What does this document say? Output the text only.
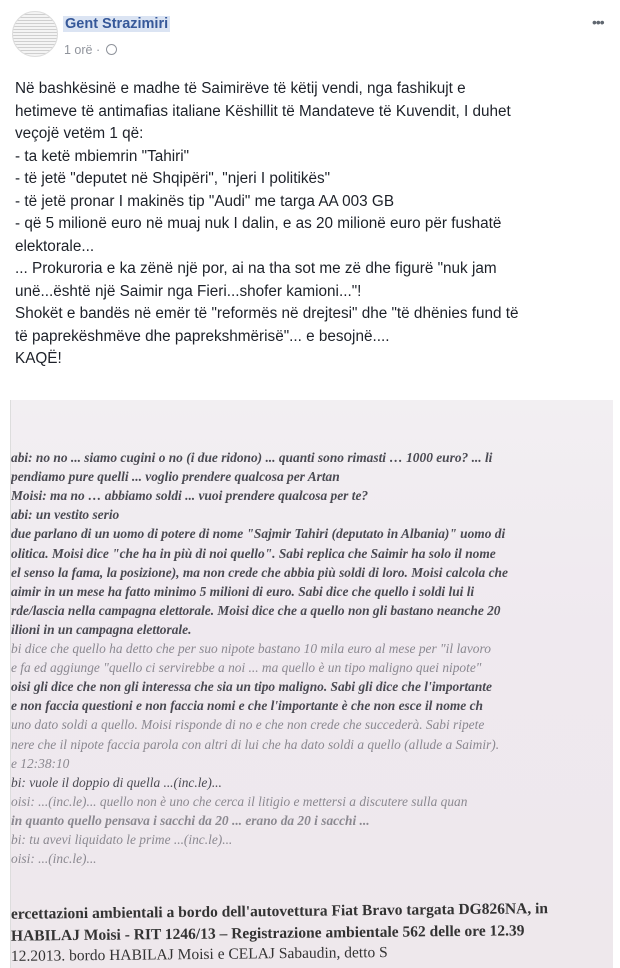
Gent Strazimiri
1 orë ·
•••
Në bashkësinë e madhe të Saimirëve të këtij vendi, nga fashikujt e
hetimeve të antimafias italiane Këshillit të Mandateve të Kuvendit, I duhet
veçojë vetëm 1 që:
- ta ketë mbiemrin "Tahiri"
- të jetë "deputet në Shqipëri", "njeri I politikës"
- të jetë pronar I makinës tip "Audi" me targa AA 003 GB
- që 5 milionë euro në muaj nuk I dalin, e as 20 milionë euro për fushatë
elektorale...
... Prokuroria e ka zënë një por, ai na tha sot me zë dhe figurë "nuk jam
unë...është një Saimir nga Fieri...shofer kamioni..."!
Shokët e bandës në emër të "reformës në drejtesi" dhe "të dhënies fund të
të paprekëshmëve dhe paprekshmërisë"... e besojnë....
KAQË!
abi: no no ... siamo cugini o no (i due ridono) ... quanti sono rimasti … 1000 euro? ... li
pendiamo pure quelli ... voglio prendere qualcosa per Artan
Moisi: ma no … abbiamo soldi ... vuoi prendere qualcosa per te?
abi: un vestito serio
due parlano di un uomo di potere di nome "Sajmir Tahiri (deputato in Albania)" uomo di
olitica. Moisi dice "che ha in più di noi quello". Sabi replica che Saimir ha solo il nome
el senso la fama, la posizione), ma non crede che abbia più soldi di loro. Moisi calcola che
aimir in un mese ha fatto minimo 5 milioni di euro. Sabi dice che quello i soldi lui li
rde/lascia nella campagna elettorale. Moisi dice che a quello non gli bastano neanche 20
ilioni in un campagna elettorale.
bi dice che quello ha detto che per suo nipote bastano 10 mila euro al mese per "il lavoro
e fa ed aggiunge "quello ci servirebbe a noi ... ma quello è un tipo maligno quei nipote"
oisi gli dice che non gli interessa che sia un tipo maligno. Sabi gli dice che l'importante
e non faccia questioni e non faccia nomi e che l'importante è che non esce il nome ch
uno dato soldi a quello. Moisi risponde di no e che non crede che succederà. Sabi ripete
nere che il nipote faccia parola con altri di lui che ha dato soldi a quello (allude a Saimir).
e 12:38:10
bi: vuole il doppio di quella ...(inc.le)...
oisi: ...(inc.le)... quello non è uno che cerca il litigio e mettersi a discutere sulla quan
in quanto quello pensava i sacchi da 20 ... erano da 20 i sacchi ...
bi: tu avevi liquidato le prime ...(inc.le)...
oisi: ...(inc.le)...
ercettazioni ambientali a bordo dell'autovettura Fiat Bravo targata DG826NA, in
HABILAJ Moisi - RIT 1246/13 – Registrazione ambientale 562 delle ore 12.39
12.2013. bordo HABILAJ Moisi e CELAJ Sabaudin, detto S
